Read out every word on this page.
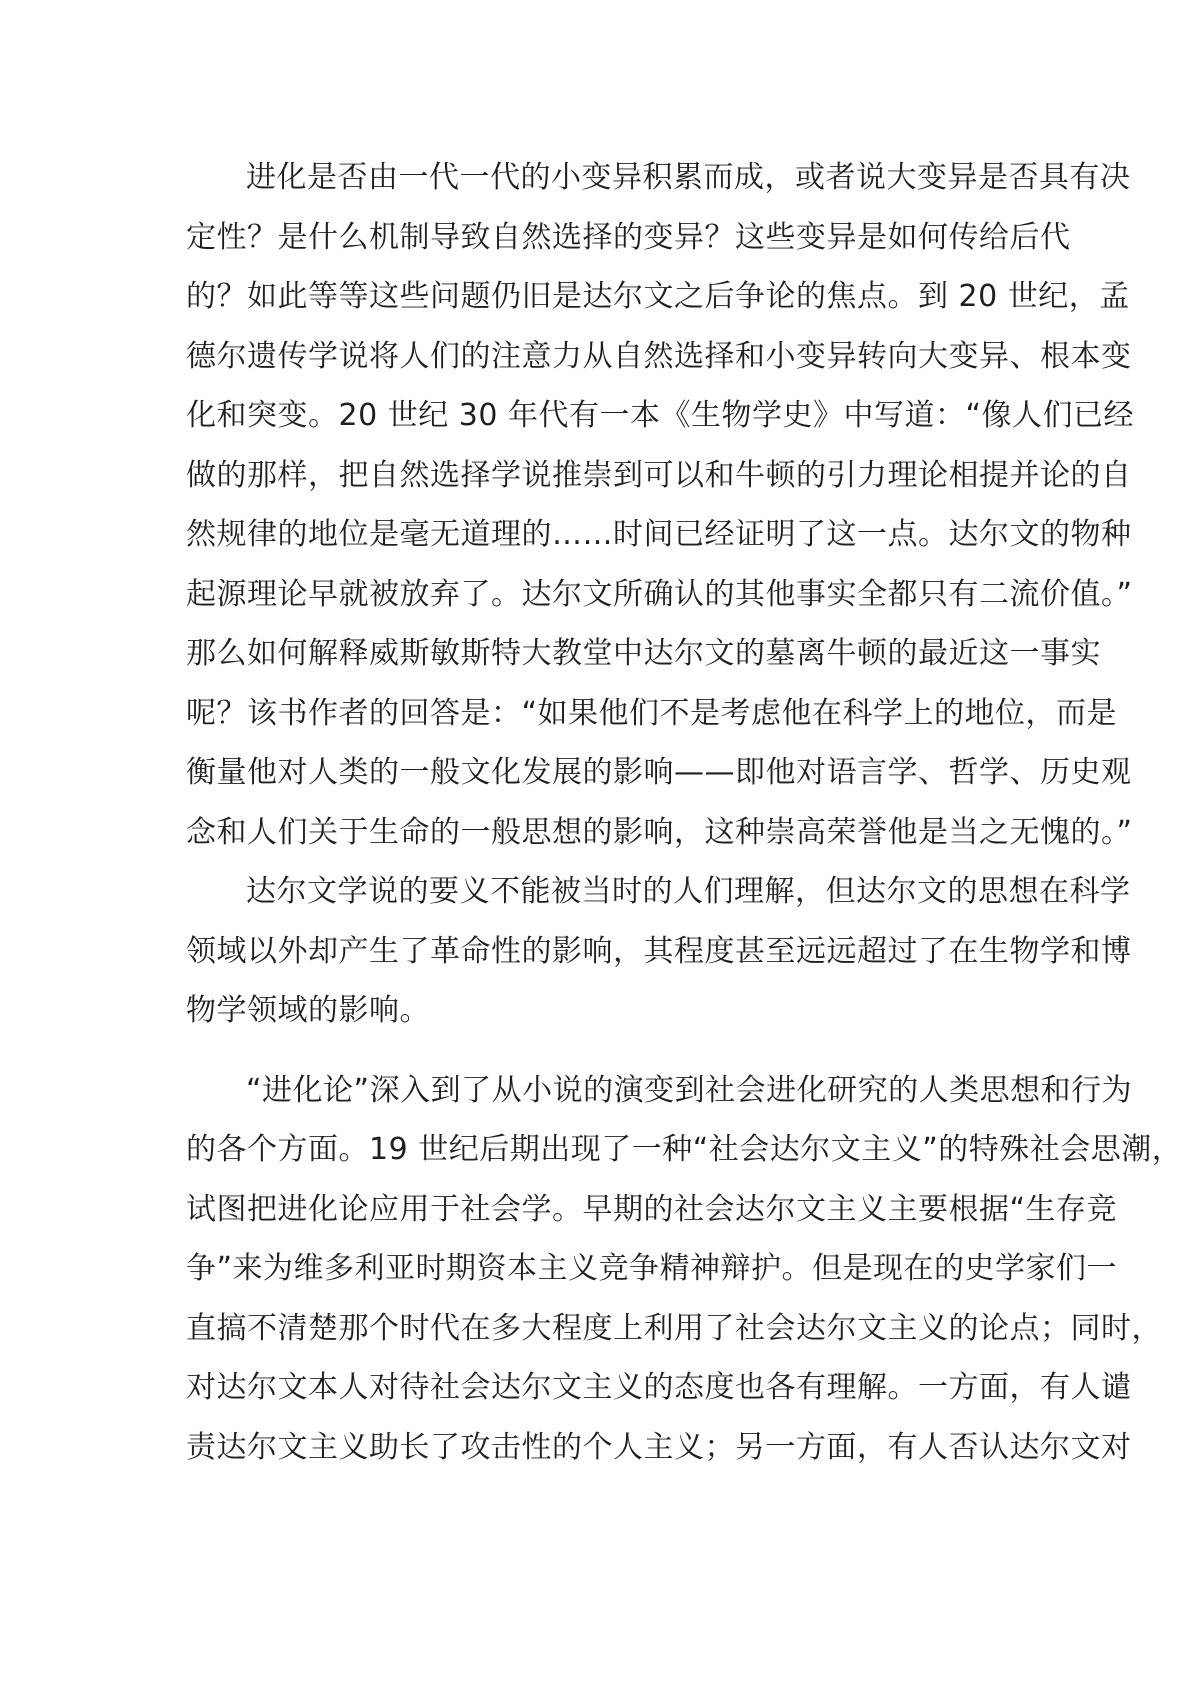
进化是否由一代一代的小变异积累而成，或者说大变异是否具有决
定性？是什么机制导致自然选择的变异？这些变异是如何传给后代
的？如此等等这些问题仍旧是达尔文之后争论的焦点。到 20 世纪，孟
德尔遗传学说将人们的注意力从自然选择和小变异转向大变异、根本变
化和突变。20 世纪 30 年代有一本《生物学史》中写道：“像人们已经
做的那样，把自然选择学说推崇到可以和牛顿的引力理论相提并论的自
然规律的地位是毫无道理的……时间已经证明了这一点。达尔文的物种
起源理论早就被放弃了。达尔文所确认的其他事实全都只有二流价值。”
那么如何解释威斯敏斯特大教堂中达尔文的墓离牛顿的最近这一事实
呢？该书作者的回答是：“如果他们不是考虑他在科学上的地位，而是
衡量他对人类的一般文化发展的影响——即他对语言学、哲学、历史观
念和人们关于生命的一般思想的影响，这种崇高荣誉他是当之无愧的。”
达尔文学说的要义不能被当时的人们理解，但达尔文的思想在科学
领域以外却产生了革命性的影响，其程度甚至远远超过了在生物学和博
物学领域的影响。
“进化论”深入到了从小说的演变到社会进化研究的人类思想和行为
的各个方面。19 世纪后期出现了一种“社会达尔文主义”的特殊社会思潮，
试图把进化论应用于社会学。早期的社会达尔文主义主要根据“生存竞
争”来为维多利亚时期资本主义竞争精神辩护。但是现在的史学家们一
直搞不清楚那个时代在多大程度上利用了社会达尔文主义的论点；同时，
对达尔文本人对待社会达尔文主义的态度也各有理解。一方面，有人谴
责达尔文主义助长了攻击性的个人主义；另一方面，有人否认达尔文对
